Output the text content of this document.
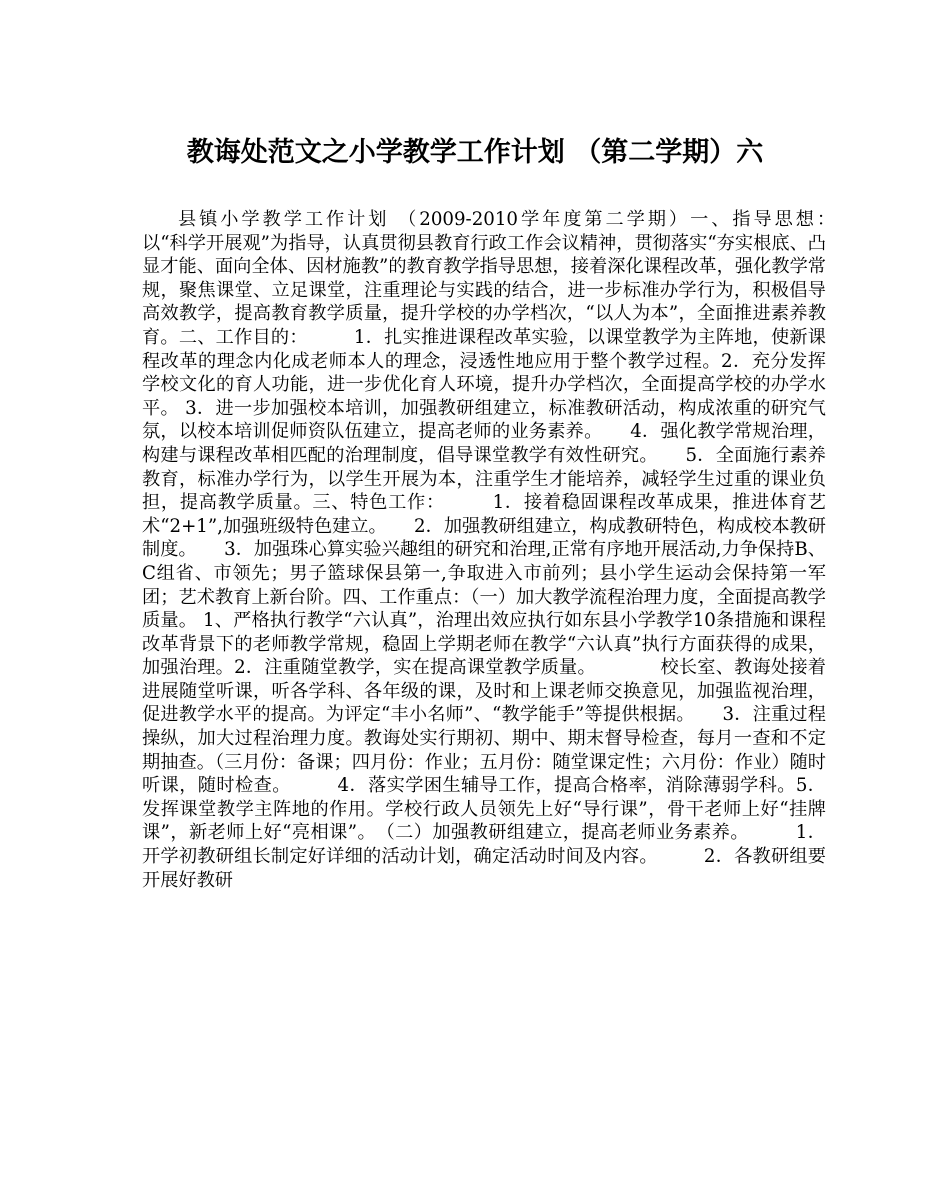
教诲处范文之小学教学工作计划 （第二学期）六

县镇小学教学工作计划 （2009-2010学年度第二学期）一、指导思想：　　　以“科学开展观”为指导，认真贯彻县教育行政工作会议精神，贯彻落实“夯实根底、凸显才能、面向全体、因材施教”的教育教学指导思想，接着深化课程改革，强化教学常规，聚焦课堂、立足课堂，注重理论与实践的结合，进一步标准办学行为，积极倡导高效教学，提高教育教学质量，提升学校的办学档次，“以人为本”，全面推进素养教育。二、工作目的：　　　1．扎实推进课程改革实验，以课堂教学为主阵地，使新课程改革的理念内化成老师本人的理念，浸透性地应用于整个教学过程。2．充分发挥学校文化的育人功能，进一步优化育人环境，提升办学档次，全面提高学校的办学水平。 3．进一步加强校本培训，加强教研组建立，标准教研活动，构成浓重的研究气氛，以校本培训促师资队伍建立，提高老师的业务素养。　　4．强化教学常规治理，构建与课程改革相匹配的治理制度，倡导课堂教学有效性研究。　　5．全面施行素养教育，标准办学行为，以学生开展为本，注重学生才能培养，减轻学生过重的课业负担，提高教学质量。三、特色工作：　　　1．接着稳固课程改革成果，推进体育艺术“2+1”,加强班级特色建立。　　2．加强教研组建立，构成教研特色，构成校本教研制度。　　3．加强珠心算实验兴趣组的研究和治理,正常有序地开展活动,力争保持B、C组省、市领先；男子篮球保县第一,争取进入市前列；县小学生运动会保持第一军团；艺术教育上新台阶。四、工作重点：（一）加大教学流程治理力度，全面提高教学质量。 1、严格执行教学“六认真”，治理出效应执行如东县小学教学10条措施和课程改革背景下的老师教学常规，稳固上学期老师在教学“六认真”执行方面获得的成果，加强治理。2．注重随堂教学，实在提高课堂教学质量。　　　　校长室、教诲处接着进展随堂听课，听各学科、各年级的课，及时和上课老师交换意见，加强监视治理，促进教学水平的提高。为评定“丰小名师”、“教学能手”等提供根据。　　3．注重过程操纵，加大过程治理力度。教诲处实行期初、期中、期末督导检查，每月一查和不定期抽查。（三月份：备课；四月份：作业；五月份：随堂课定性；六月份：作业）随时听课，随时检查。　　　4．落实学困生辅导工作，提高合格率，消除薄弱学科。5．发挥课堂教学主阵地的作用。学校行政人员领先上好“导行课”，骨干老师上好“挂牌课”，新老师上好“亮相课”。　（二）加强教研组建立，提高老师业务素养。　　　1．开学初教研组长制定好详细的活动计划，确定活动时间及内容。　　　2．各教研组要开展好教研
